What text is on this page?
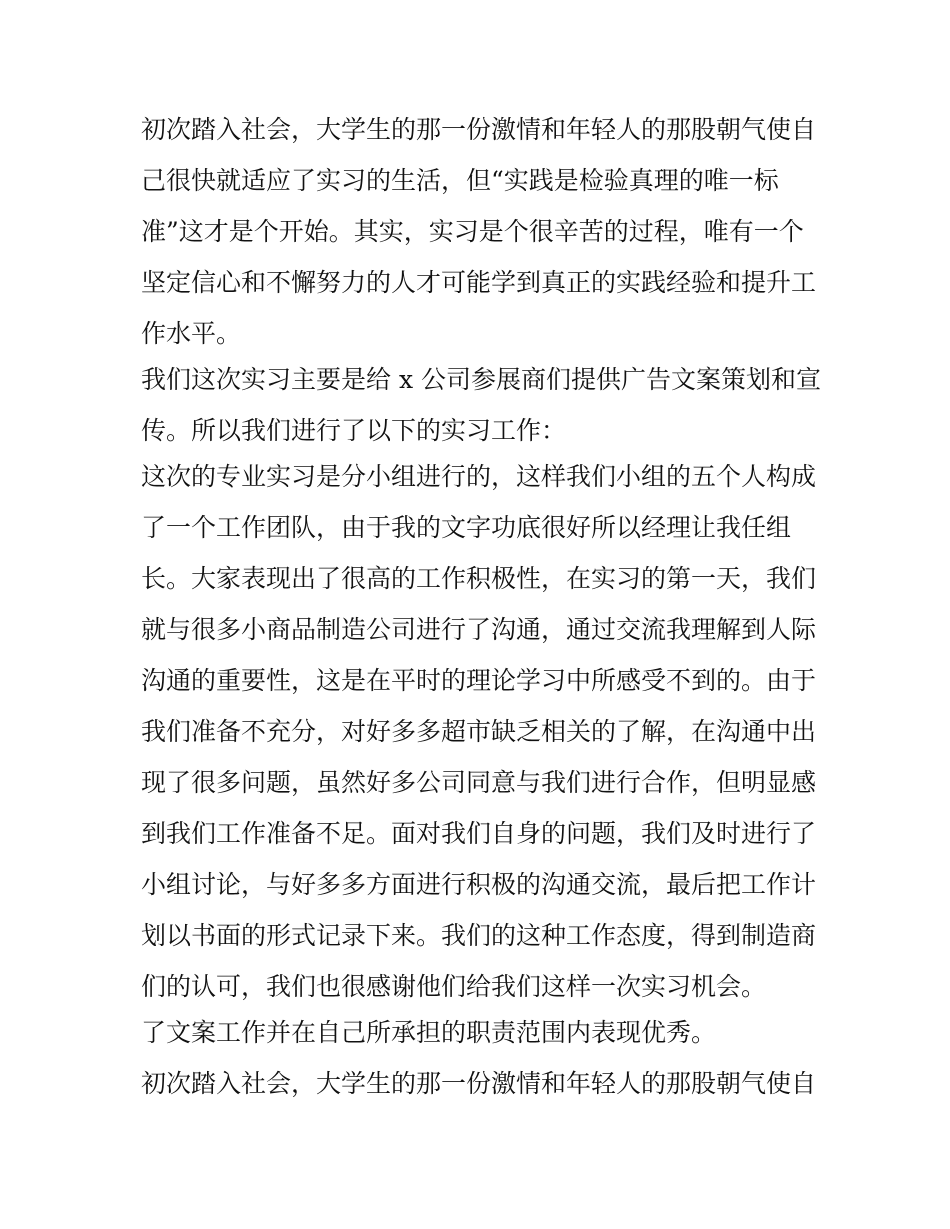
初次踏入社会，大学生的那一份激情和年轻人的那股朝气使自
己很快就适应了实习的生活，但“实践是检验真理的唯一标
准”这才是个开始。其实，实习是个很辛苦的过程，唯有一个
坚定信心和不懈努力的人才可能学到真正的实践经验和提升工
作水平。
我们这次实习主要是给 x 公司参展商们提供广告文案策划和宣
传。所以我们进行了以下的实习工作：
这次的专业实习是分小组进行的，这样我们小组的五个人构成
了一个工作团队，由于我的文字功底很好所以经理让我任组
长。大家表现出了很高的工作积极性，在实习的第一天，我们
就与很多小商品制造公司进行了沟通，通过交流我理解到人际
沟通的重要性，这是在平时的理论学习中所感受不到的。由于
我们准备不充分，对好多多超市缺乏相关的了解，在沟通中出
现了很多问题，虽然好多公司同意与我们进行合作，但明显感
到我们工作准备不足。面对我们自身的问题，我们及时进行了
小组讨论，与好多多方面进行积极的沟通交流，最后把工作计
划以书面的形式记录下来。我们的这种工作态度，得到制造商
们的认可，我们也很感谢他们给我们这样一次实习机会。
了文案工作并在自己所承担的职责范围内表现优秀。
初次踏入社会，大学生的那一份激情和年轻人的那股朝气使自
